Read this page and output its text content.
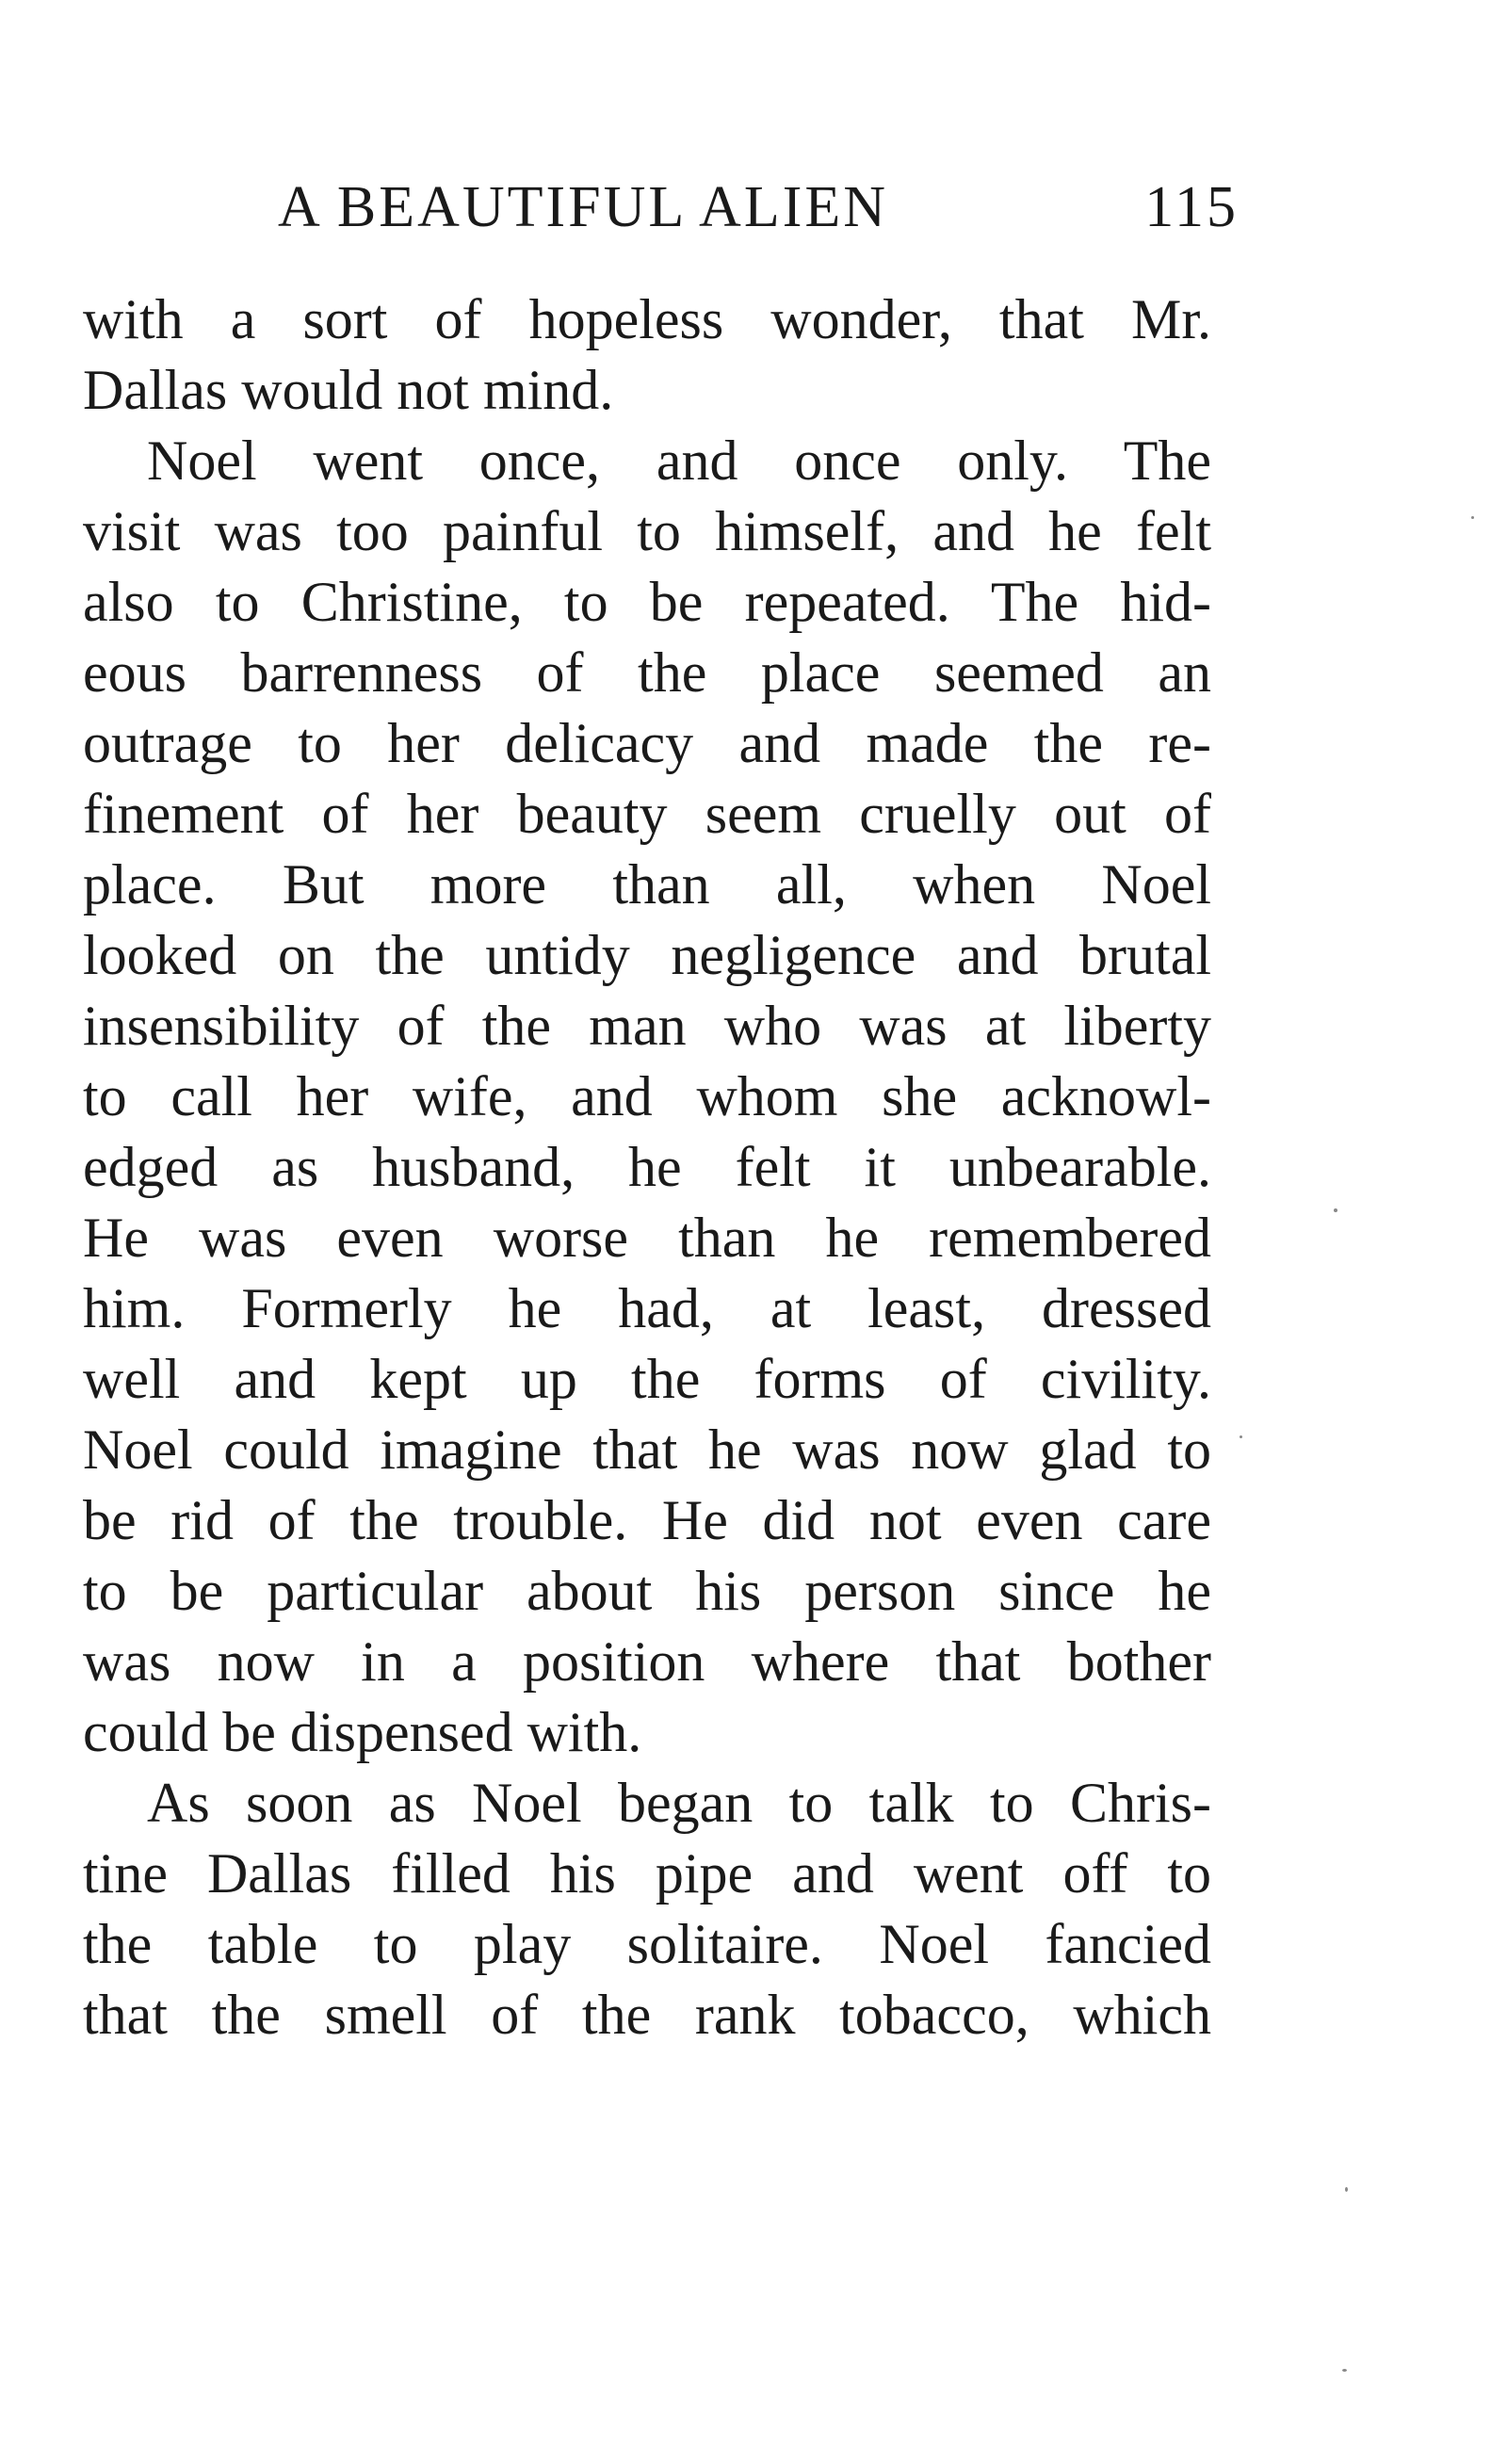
A BEAUTIFUL ALIEN	115
with a sort of hopeless wonder, that Mr.
Dallas would not mind.
Noel went once, and once only. The
visit was too painful to himself, and he felt
also to Christine, to be repeated. The hid-
eous barrenness of the place seemed an
outrage to her delicacy and made the re-
finement of her beauty seem cruelly out of
place. But more than all, when Noel
looked on the untidy negligence and brutal
insensibility of the man who was at liberty
to call her wife, and whom she acknowl-
edged as husband, he felt it unbearable.
He was even worse than he remembered
him. Formerly he had, at least, dressed
well and kept up the forms of civility.
Noel could imagine that he was now glad to
be rid of the trouble. He did not even care
to be particular about his person since he
was now in a position where that bother
could be dispensed with.
As soon as Noel began to talk to Chris-
tine Dallas filled his pipe and went off to
the table to play solitaire. Noel fancied
that the smell of the rank tobacco, which
